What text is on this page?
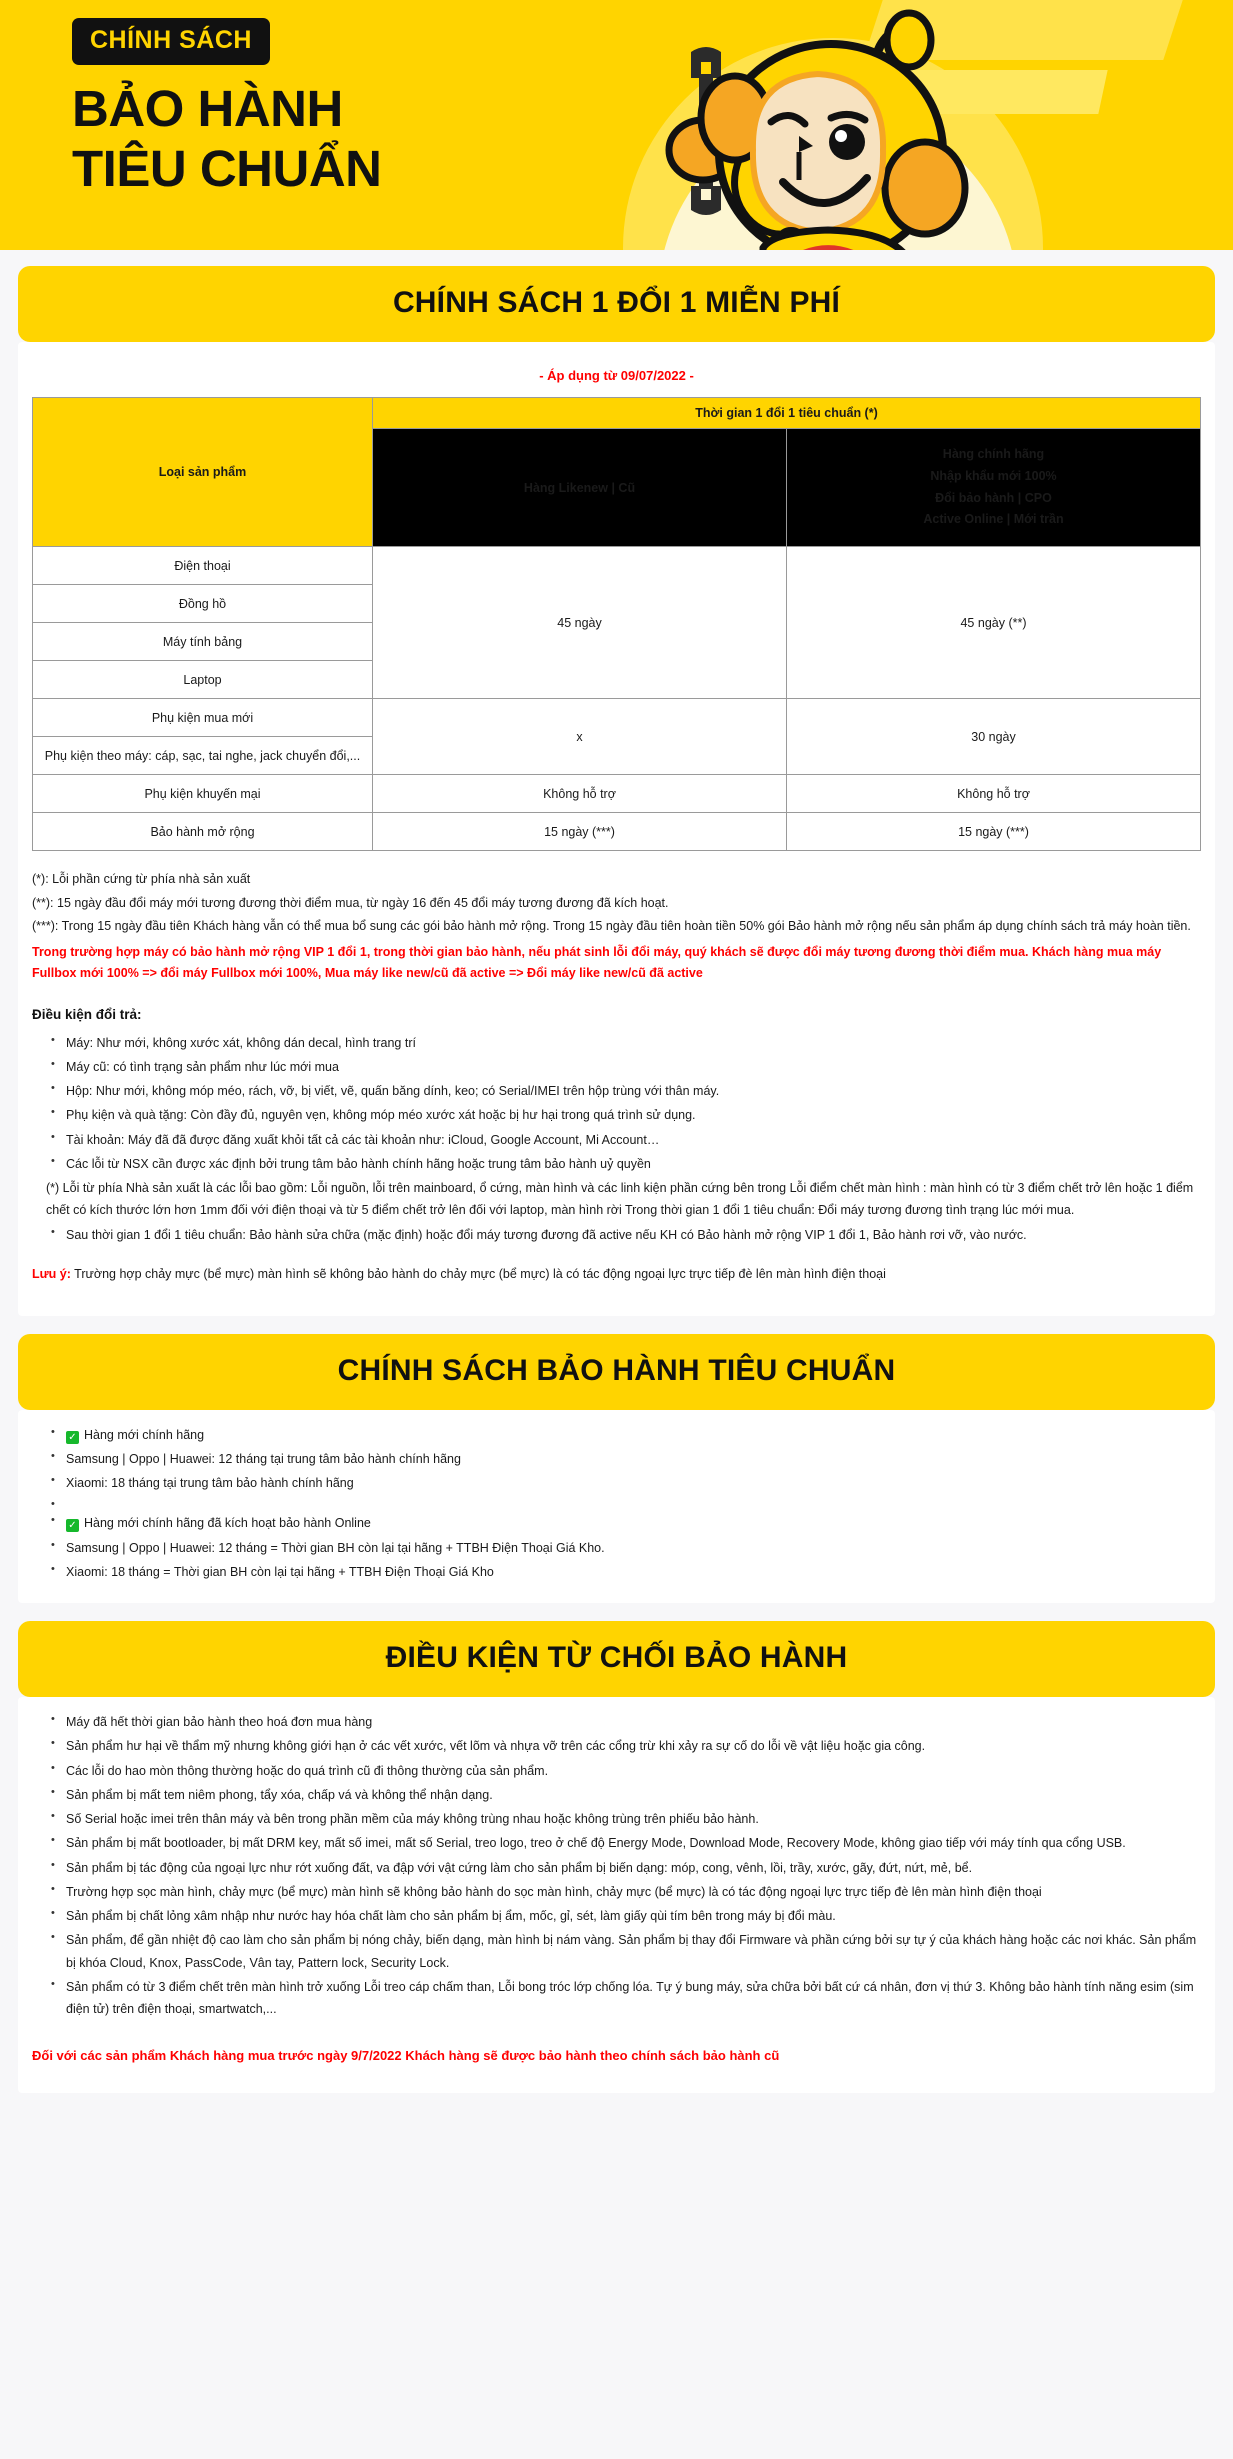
CHÍNH SÁCH
BẢO HÀNH
TIÊU CHUẨN
CHÍNH SÁCH 1 ĐỔI 1 MIỄN PHÍ
- Áp dụng từ 09/07/2022 -
Loại sản phẩm	Thời gian 1 đổi 1 tiêu chuẩn (*)	
	Hàng Likenew | Cũ	Hàng chính hãng
Nhập khẩu mới 100%
Đổi bảo hành | CPO
Active Online | Mới trần

Điện thoại	45 ngày	45 ngày (**)
Đồng hồ		
Máy tính bảng		
Laptop		
Phụ kiện mua mới	x	30 ngày
Phụ kiện theo máy: cáp, sạc, tai nghe, jack chuyển đổi,...		
Phụ kiện khuyến mại	Không hỗ trợ	Không hỗ trợ
Bảo hành mở rộng	15 ngày (***)	15 ngày (***)

(*): Lỗi phần cứng từ phía nhà sản xuất

(**): 15 ngày đầu đổi máy mới tương đương thời điểm mua, từ ngày 16 đến 45 đổi máy tương đương đã kích hoạt.

(***): Trong 15 ngày đầu tiên Khách hàng vẫn có thể mua bổ sung các gói bảo hành mở rộng. Trong 15 ngày đầu tiên hoàn tiền 50% gói Bảo hành mở rộng nếu sản phẩm áp dụng chính sách trả máy hoàn tiền.

Trong trường hợp máy có bảo hành mở rộng VIP 1 đổi 1, trong thời gian bảo hành, nếu phát sinh lỗi đổi máy, quý khách sẽ được đổi máy tương đương thời điểm mua. Khách hàng mua máy Fullbox mới 100% => đổi máy Fullbox mới 100%, Mua máy like new/cũ đã active => Đổi máy like new/cũ đã active

Điều kiện đổi trả:
• Máy: Như mới, không xước xát, không dán decal, hình trang trí
• Máy cũ: có tình trạng sản phẩm như lúc mới mua
• Hộp: Như mới, không móp méo, rách, vỡ, bị viết, vẽ, quấn băng dính, keo; có Serial/IMEI trên hộp trùng với thân máy.
• Phụ kiện và quà tặng: Còn đầy đủ, nguyên vẹn, không móp méo xước xát hoặc bị hư hại trong quá trình sử dụng.
• Tài khoản: Máy đã đã được đăng xuất khỏi tất cả các tài khoản như: iCloud, Google Account, Mi Account…
• Các lỗi từ NSX cần được xác định bởi trung tâm bảo hành chính hãng hoặc trung tâm bảo hành uỷ quyền

(*) Lỗi từ phía Nhà sản xuất là các lỗi bao gồm: Lỗi nguồn, lỗi trên mainboard, ổ cứng, màn hình và các linh kiện phần cứng bên trong Lỗi điểm chết màn hình : màn hình có từ 3 điểm chết trở lên hoặc 1 điểm chết có kích thước lớn hơn 1mm đối với điện thoại và từ 5 điểm chết trở lên đối với laptop, màn hình rời Trong thời gian 1 đổi 1 tiêu chuẩn: Đổi máy tương đương tình trạng lúc mới mua.

• Sau thời gian 1 đổi 1 tiêu chuẩn: Bảo hành sửa chữa (mặc định) hoặc đổi máy tương đương đã active nếu KH có Bảo hành mở rộng VIP 1 đổi 1, Bảo hành rơi vỡ, vào nước.

Lưu ý: Trường hợp chảy mực (bể mực) màn hình sẽ không bảo hành do chảy mực (bể mực) là có tác động ngoại lực trực tiếp đè lên màn hình điện thoại

CHÍNH SÁCH BẢO HÀNH TIÊU CHUẨN
• ✓ Hàng mới chính hãng
• Samsung | Oppo | Huawei: 12 tháng tại trung tâm bảo hành chính hãng
• Xiaomi: 18 tháng tại trung tâm bảo hành chính hãng
•
• ✓ Hàng mới chính hãng đã kích hoạt bảo hành Online
• Samsung | Oppo | Huawei: 12 tháng = Thời gian BH còn lại tại hãng + TTBH Điện Thoại Giá Kho.
• Xiaomi: 18 tháng = Thời gian BH còn lại tại hãng + TTBH Điện Thoại Giá Kho
ĐIỀU KIỆN TỪ CHỐI BẢO HÀNH
• Máy đã hết thời gian bảo hành theo hoá đơn mua hàng
• Sản phẩm hư hại về thẩm mỹ nhưng không giới hạn ở các vết xước, vết lõm và nhựa vỡ trên các cổng trừ khi xảy ra sự cố do lỗi về vật liệu hoặc gia công.
• Các lỗi do hao mòn thông thường hoặc do quá trình cũ đi thông thường của sản phẩm.
• Sản phẩm bị mất tem niêm phong, tẩy xóa, chấp vá và không thể nhận dạng.
• Số Serial hoặc imei trên thân máy và bên trong phần mềm của máy không trùng nhau hoặc không trùng trên phiếu bảo hành.
• Sản phẩm bị mất bootloader, bị mất DRM key, mất số imei, mất số Serial, treo logo, treo ở chế độ Energy Mode, Download Mode, Recovery Mode, không giao tiếp với máy tính qua cổng USB.
• Sản phẩm bị tác động của ngoại lực như rớt xuống đất, va đập với vật cứng làm cho sản phẩm bị biến dạng: móp, cong, vênh, lồi, trầy, xước, gãy, đứt, nứt, mẻ, bể.
• Trường hợp sọc màn hình, chảy mực (bể mực) màn hình sẽ không bảo hành do sọc màn hình, chảy mực (bể mực) là có tác động ngoại lực trực tiếp đè lên màn hình điện thoại
• Sản phẩm bị chất lỏng xâm nhập như nước hay hóa chất làm cho sản phẩm bị ẩm, mốc, gỉ, sét, làm giấy qùi tím bên trong máy bị đổi màu.
• Sản phẩm, để gần nhiệt độ cao làm cho sản phẩm bị nóng chảy, biến dạng, màn hình bị nám vàng. Sản phẩm bị thay đổi Firmware và phần cứng bởi sự tự ý của khách hàng hoặc các nơi khác. Sản phẩm bị khóa Cloud, Knox, PassCode, Vân tay, Pattern lock, Security Lock.
• Sản phẩm có từ 3 điểm chết trên màn hình trở xuống Lỗi treo cáp chấm than, Lỗi bong tróc lớp chống lóa. Tự ý bung máy, sửa chữa bởi bất cứ cá nhân, đơn vị thứ 3. Không bảo hành tính năng esim (sim điện tử) trên điện thoại, smartwatch,...

Đối với các sản phẩm Khách hàng mua trước ngày 9/7/2022 Khách hàng sẽ được bảo hành theo chính sách bảo hành cũ
